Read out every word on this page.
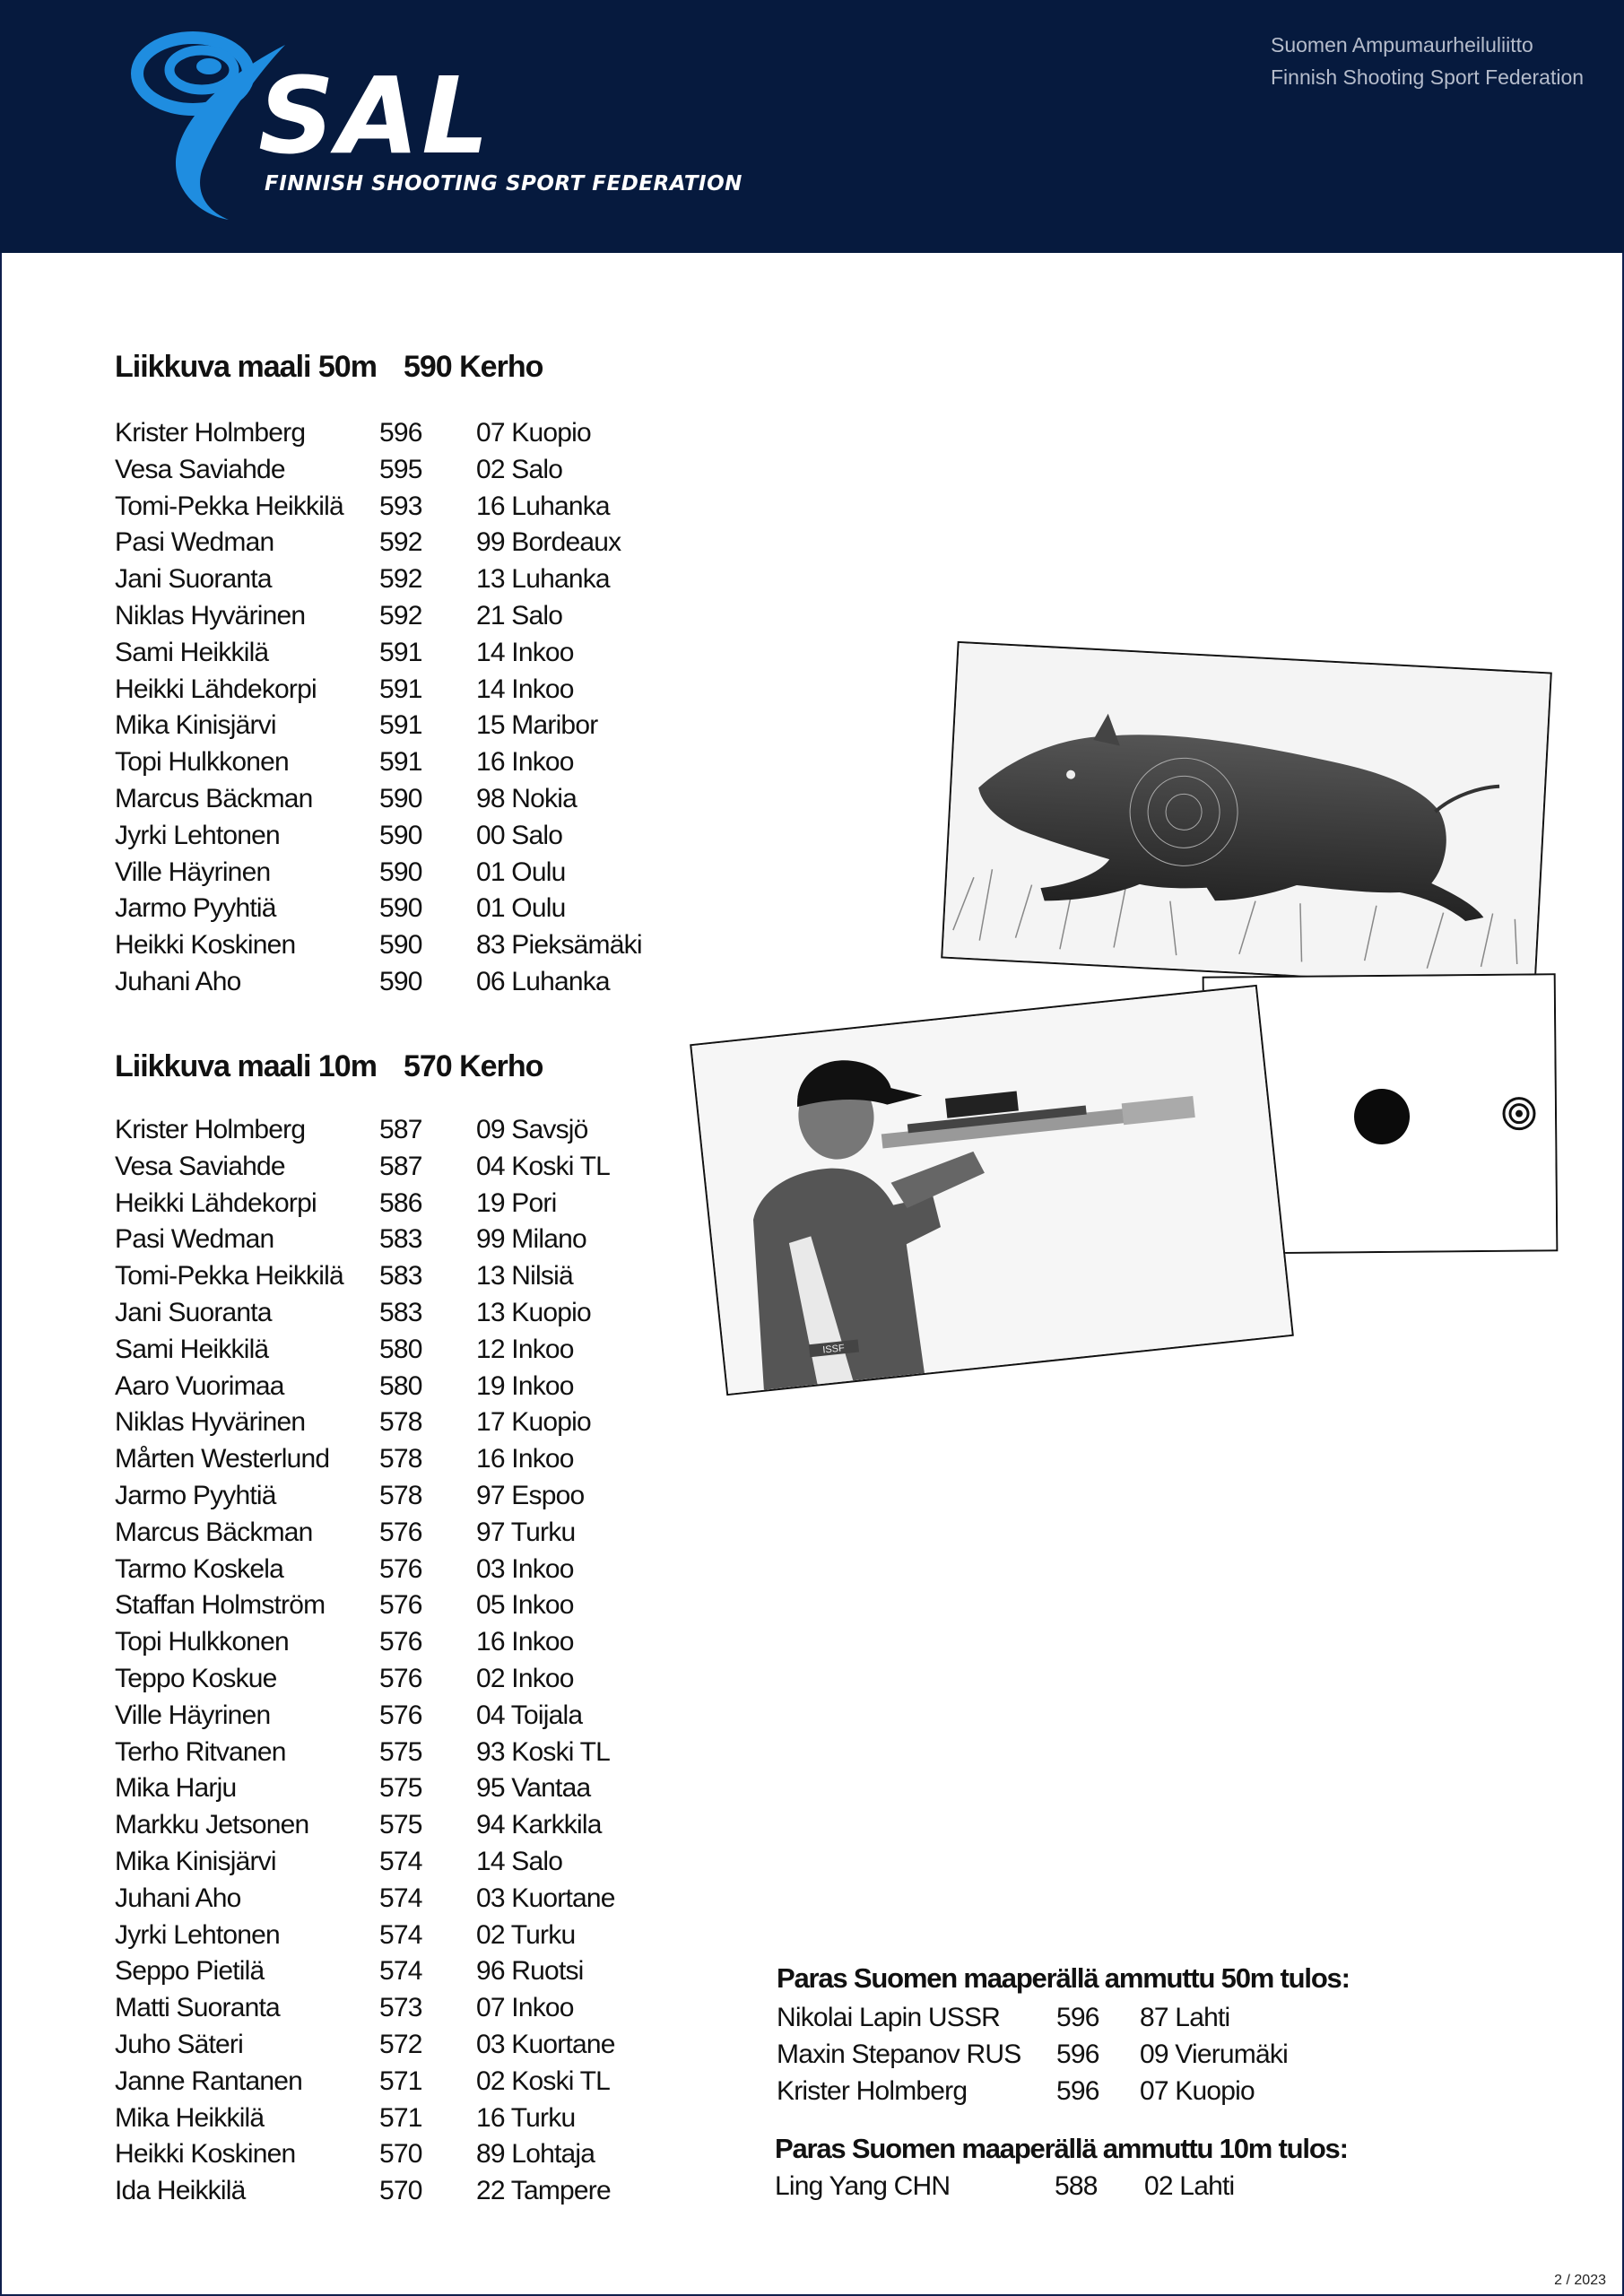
SAL
FINNISH SHOOTING SPORT FEDERATION
Suomen Ampumaurheiluliitto
Finnish Shooting Sport Federation
Liikkuva maali 50m 590 Kerho
Krister Holmberg	596 07 Kuopio
Vesa Saviahde	595 02 Salo
Tomi-Pekka Heikkilä 593 16 Luhanka
Pasi Wedman	592 99 Bordeaux
Jani Suoranta	592 13 Luhanka
Niklas Hyvärinen	592 21 Salo
Sami Heikkilä	591 14 Inkoo
Heikki Lähdekorpi 591 14 Inkoo
Mika Kinisjärvi	591 15 Maribor
Topi Hulkkonen	591 16 Inkoo
Marcus Bäckman 590 98 Nokia
Jyrki Lehtonen	590 00 Salo
Ville Häyrinen	590 01 Oulu
Jarmo Pyyhtiä	590 01 Oulu
Heikki Koskinen	590 83 Pieksämäki
Juhani Aho	590 06 Luhanka
Liikkuva maali 10m 570 Kerho
Krister Holmberg	587 09 Savsjö
Vesa Saviahde	587 04 Koski TL
Heikki Lähdekorpi 586 19 Pori
Pasi Wedman	583 99 Milano
Tomi-Pekka Heikkilä 583 13 Nilsiä
Jani Suoranta	583 13 Kuopio
Sami Heikkilä	580 12 Inkoo
Aaro Vuorimaa	580 19 Inkoo
Niklas Hyvärinen	578 17 Kuopio
Mårten Westerlund 578 16 Inkoo
Jarmo Pyyhtiä	578 97 Espoo
Marcus Bäckman 576 97 Turku
Tarmo Koskela	576 03 Inkoo
Staffan Holmström 576 05 Inkoo
Topi Hulkkonen	576 16 Inkoo
Teppo Koskue	576 02 Inkoo
Ville Häyrinen	576 04 Toijala
Terho Ritvanen	575 93 Koski TL
Mika Harju	575 95 Vantaa
Markku Jetsonen	575 94 Karkkila
Mika Kinisjärvi	574 14 Salo
Juhani Aho	574 03 Kuortane
Jyrki Lehtonen	574 02 Turku
Seppo Pietilä	574 96 Ruotsi
Matti Suoranta	573 07 Inkoo
Juho Säteri	572 03 Kuortane
Janne Rantanen	571 02 Koski TL
Mika Heikkilä	571 16 Turku
Heikki Koskinen	570 89 Lohtaja
Ida Heikkilä	570 22 Tampere
Paras Suomen maaperällä ammuttu 50m tulos:
Nikolai Lapin USSR 596 87 Lahti
Maxin Stepanov RUS 596 09 Vierumäki
Krister Holmberg	596 07 Kuopio
Paras Suomen maaperällä ammuttu 10m tulos:
Ling Yang CHN	588 02 Lahti
ISSF
2 / 2023
